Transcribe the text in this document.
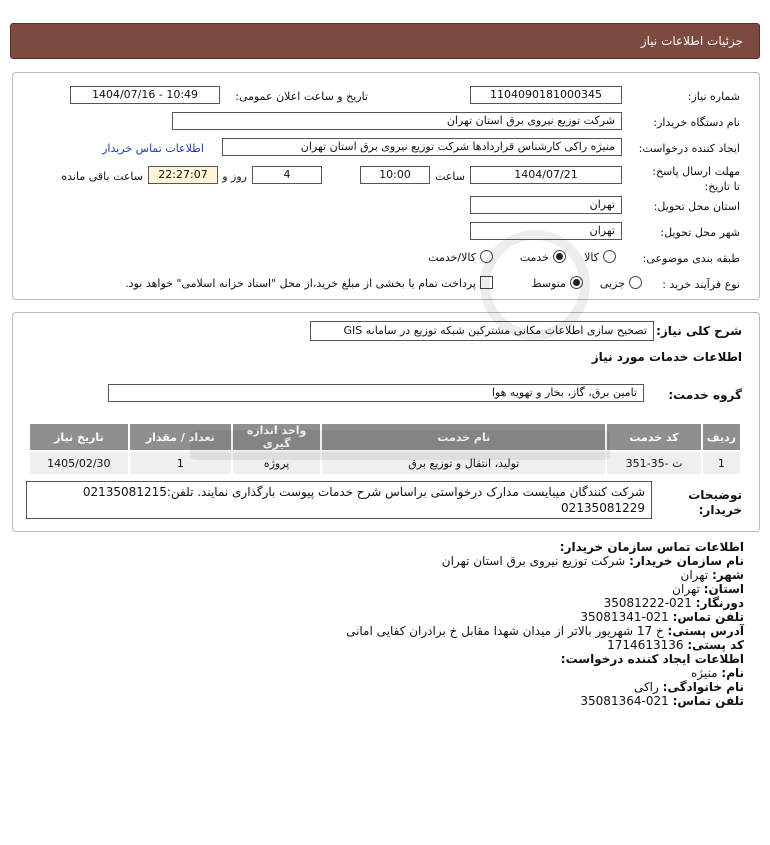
جزئیات اطلاعات نیاز
شماره نیاز:
1104090181000345
تاریخ و ساعت اعلان عمومی:
1404/07/16 - 10:49
نام دستگاه خریدار:
شرکت توزیع نیروی برق استان تهران
ایجاد کننده درخواست:
منیژه راکی کارشناس قراردادها شرکت توزیع نیروی برق استان تهران
اطلاعات تماس خریدار
مهلت ارسال پاسخ: تا تاریخ:
1404/07/21
ساعت
10:00
4
روز و
22:27:07
ساعت باقی مانده
استان محل تحویل:
تهران
شهر محل تحویل:
تهران
طبقه بندی موضوعی:
کالا
خدمت
کالا/خدمت
نوع فرآیند خرید :
جزیی
متوسط
پرداخت تمام یا بخشی از مبلغ خرید،از محل "اسناد خزانه اسلامی" خواهد بود.
شرح کلی نیاز:
تصحیح سازی اطلاعات مکانی مشترکین شبکه توزیع در سامانه GIS
اطلاعات خدمات مورد نیاز
گروه خدمت:
تامین برق، گاز، بخار و تهویه هوا
ردیف	کد خدمت	نام خدمت	واحد اندازه گیری	تعداد / مقدار	تاریخ نیاز
1	ت -35-351	تولید، انتقال و توزیع برق	پروژه	1	1405/02/30
توضیحات خریدار:
شرکت کنندگان میبایست مدارک درخواستی براساس شرح خدمات پیوست بارگذاری نمایند. تلفن:02135081215
02135081229
اطلاعات تماس سازمان خریدار:
نام سازمان خریدار: شرکت توزیع نیروی برق استان تهران
شهر: تهران
استان: تهران
دورنگار: 021-35081222
تلفن تماس: 021-35081341
آدرس پستی: خ 17 شهریور بالاتر از میدان شهدا مقابل خ برادران کفایی امانی
کد پستی: 1714613136
اطلاعات ایجاد کننده درخواست:
نام: منیژه
نام خانوادگی: راکی
تلفن تماس: 021-35081364
